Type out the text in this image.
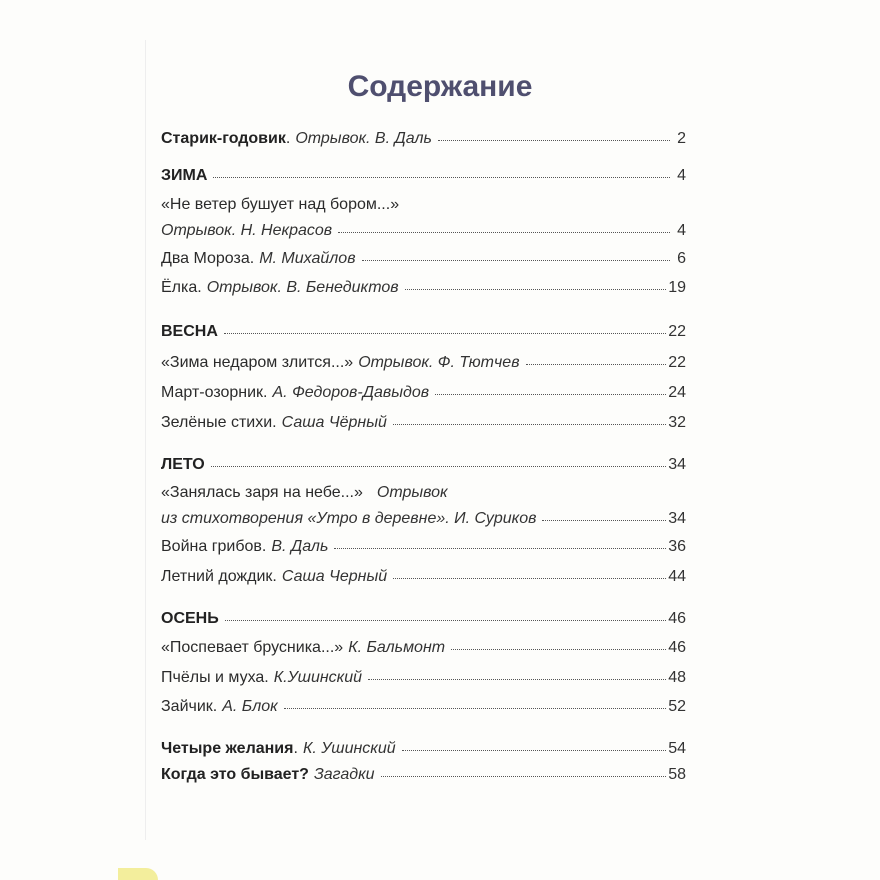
Содержание
Старик-годовик . Отрывок. В. Даль	2
ЗИМА	4
«Не ветер бушует над бором...»
Отрывок. Н. Некрасов	4
Два Мороза. М. Михайлов	6
Ёлка. Отрывок. В. Бенедиктов	19
ВЕСНА	22
«Зима недаром злится...» Отрывок. Ф. Тютчев	22
Март-озорник. А. Федоров-Давыдов	24
Зелёные стихи. Саша Чёрный	32
ЛЕТО	34
«Занялась заря на небе...» Отрывок
из стихотворения «Утро в деревне». И. Суриков	34
Война грибов. В. Даль	36
Летний дождик. Саша Черный	44
ОСЕНЬ	46
«Поспевает брусника...» К. Бальмонт	46
Пчёлы и муха. К.Ушинский	48
Зайчик. А. Блок	52
Четыре желания . К. Ушинский	54
Когда это бывает? Загадки	58
